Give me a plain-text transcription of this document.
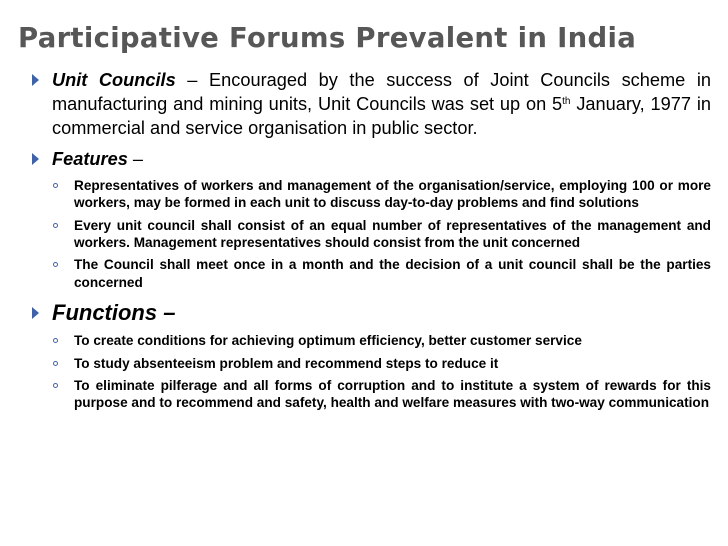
Participative Forums Prevalent in India

Unit Councils – Encouraged by the success of Joint Councils scheme in manufacturing and mining units, Unit Councils was set up on 5th January, 1977 in commercial and service organisation in public sector.

Features –

Representatives of workers and management of the organisation/service, employing 100 or more workers, may be formed in each unit to discuss day-to-day problems and find solutions
Every unit council shall consist of an equal number of representatives of the management and workers. Management representatives should consist from the unit concerned
The Council shall meet once in a month and the decision of a unit council shall be the parties concerned

Functions –

To create conditions for achieving optimum efficiency, better customer service
To study absenteeism problem and recommend steps to reduce it
To eliminate pilferage and all forms of corruption and to institute a system of rewards for this purpose and to recommend and safety, health and welfare measures with two-way communication
